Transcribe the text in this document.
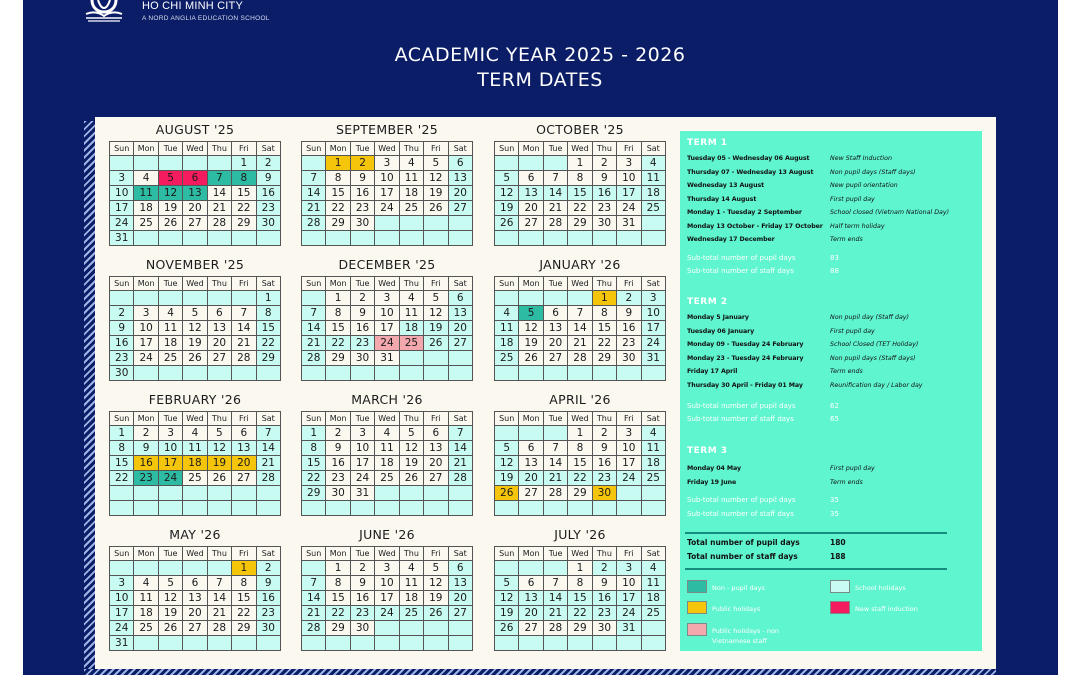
HO CHI MINH CITY
A NORD ANGLIA EDUCATION SCHOOL
ACADEMIC YEAR 2025 - 2026
TERM DATES
AUGUST '25
Sun	Mon	Tue	Wed	Thu	Fri	Sat
					1	2
3	4	5	6	7	8	9
10	11	12	13	14	15	16
17	18	19	20	21	22	23
24	25	26	27	28	29	30
31						
SEPTEMBER '25
Sun	Mon	Tue	Wed	Thu	Fri	Sat
	1	2	3	4	5	6
7	8	9	10	11	12	13
14	15	16	17	18	19	20
21	22	23	24	25	26	27
28	29	30				

OCTOBER '25
Sun	Mon	Tue	Wed	Thu	Fri	Sat
			1	2	3	4
5	6	7	8	9	10	11
12	13	14	15	16	17	18
19	20	21	22	23	24	25
26	27	28	29	30	31	

NOVEMBER '25
Sun	Mon	Tue	Wed	Thu	Fri	Sat
						1
2	3	4	5	6	7	8
9	10	11	12	13	14	15
16	17	18	19	20	21	22
23	24	25	26	27	28	29
30						
DECEMBER '25
Sun	Mon	Tue	Wed	Thu	Fri	Sat
	1	2	3	4	5	6
7	8	9	10	11	12	13
14	15	16	17	18	19	20
21	22	23	24	25	26	27
28	29	30	31			

JANUARY '26
Sun	Mon	Tue	Wed	Thu	Fri	Sat
				1	2	3
4	5	6	7	8	9	10
11	12	13	14	15	16	17
18	19	20	21	22	23	24
25	26	27	28	29	30	31

FEBRUARY '26
Sun	Mon	Tue	Wed	Thu	Fri	Sat
1	2	3	4	5	6	7
8	9	10	11	12	13	14
15	16	17	18	19	20	21
22	23	24	25	26	27	28

MARCH '26
Sun	Mon	Tue	Wed	Thu	Fri	Sat
1	2	3	4	5	6	7
8	9	10	11	12	13	14
15	16	17	18	19	20	21
22	23	24	25	26	27	28
29	30	31				

APRIL '26
Sun	Mon	Tue	Wed	Thu	Fri	Sat
			1	2	3	4
5	6	7	8	9	10	11
12	13	14	15	16	17	18
19	20	21	22	23	24	25
26	27	28	29	30		

MAY '26
Sun	Mon	Tue	Wed	Thu	Fri	Sat
					1	2
3	4	5	6	7	8	9
10	11	12	13	14	15	16
17	18	19	20	21	22	23
24	25	26	27	28	29	30
31						
JUNE '26
Sun	Mon	Tue	Wed	Thu	Fri	Sat
	1	2	3	4	5	6
7	8	9	10	11	12	13
14	15	16	17	18	19	20
21	22	23	24	25	26	27
28	29	30				

JULY '26
Sun	Mon	Tue	Wed	Thu	Fri	Sat
			1	2	3	4
5	6	7	8	9	10	11
12	13	14	15	16	17	18
19	20	21	22	23	24	25
26	27	28	29	30	31	

TERM 1
Tuesday 05 - Wednesday 06 August	New Staff Induction
Thursday 07 - Wednesday 13 August	Non pupil days (Staff days)
Wednesday 13 August	New pupil orientation
Thursday 14 August	First pupil day
Monday 1 - Tuesday 2 September	School closed (Vietnam National Day)
Monday 13 October - Friday 17 October Half term holiday
Wednesday 17 December	Term ends
Sub-total number of pupil days	83
Sub-total number of staff days	88
TERM 2
Monday 5 January	Non pupil day (Staff day)
Tuesday 06 January	First pupil day
Monday 09 - Tuesday 24 February	School Closed (TET Holiday)
Monday 23 - Tuesday 24 February	Non pupil days (Staff days)
Friday 17 April	Term ends
Thursday 30 April - Friday 01 May	Reunification day / Labor day
Sub-total number of pupil days	62
Sub-total number of staff days	65
TERM 3
Monday 04 May	First pupil day
Friday 19 June	Term ends
Sub-total number of pupil days	35
Sub-total number of staff days	35
Total number of pupil days	180
Total number of staff days	188
Non - pupil days	School holidays
Public holidays	New staff induction
Public holidays - non Vietnamese staff
